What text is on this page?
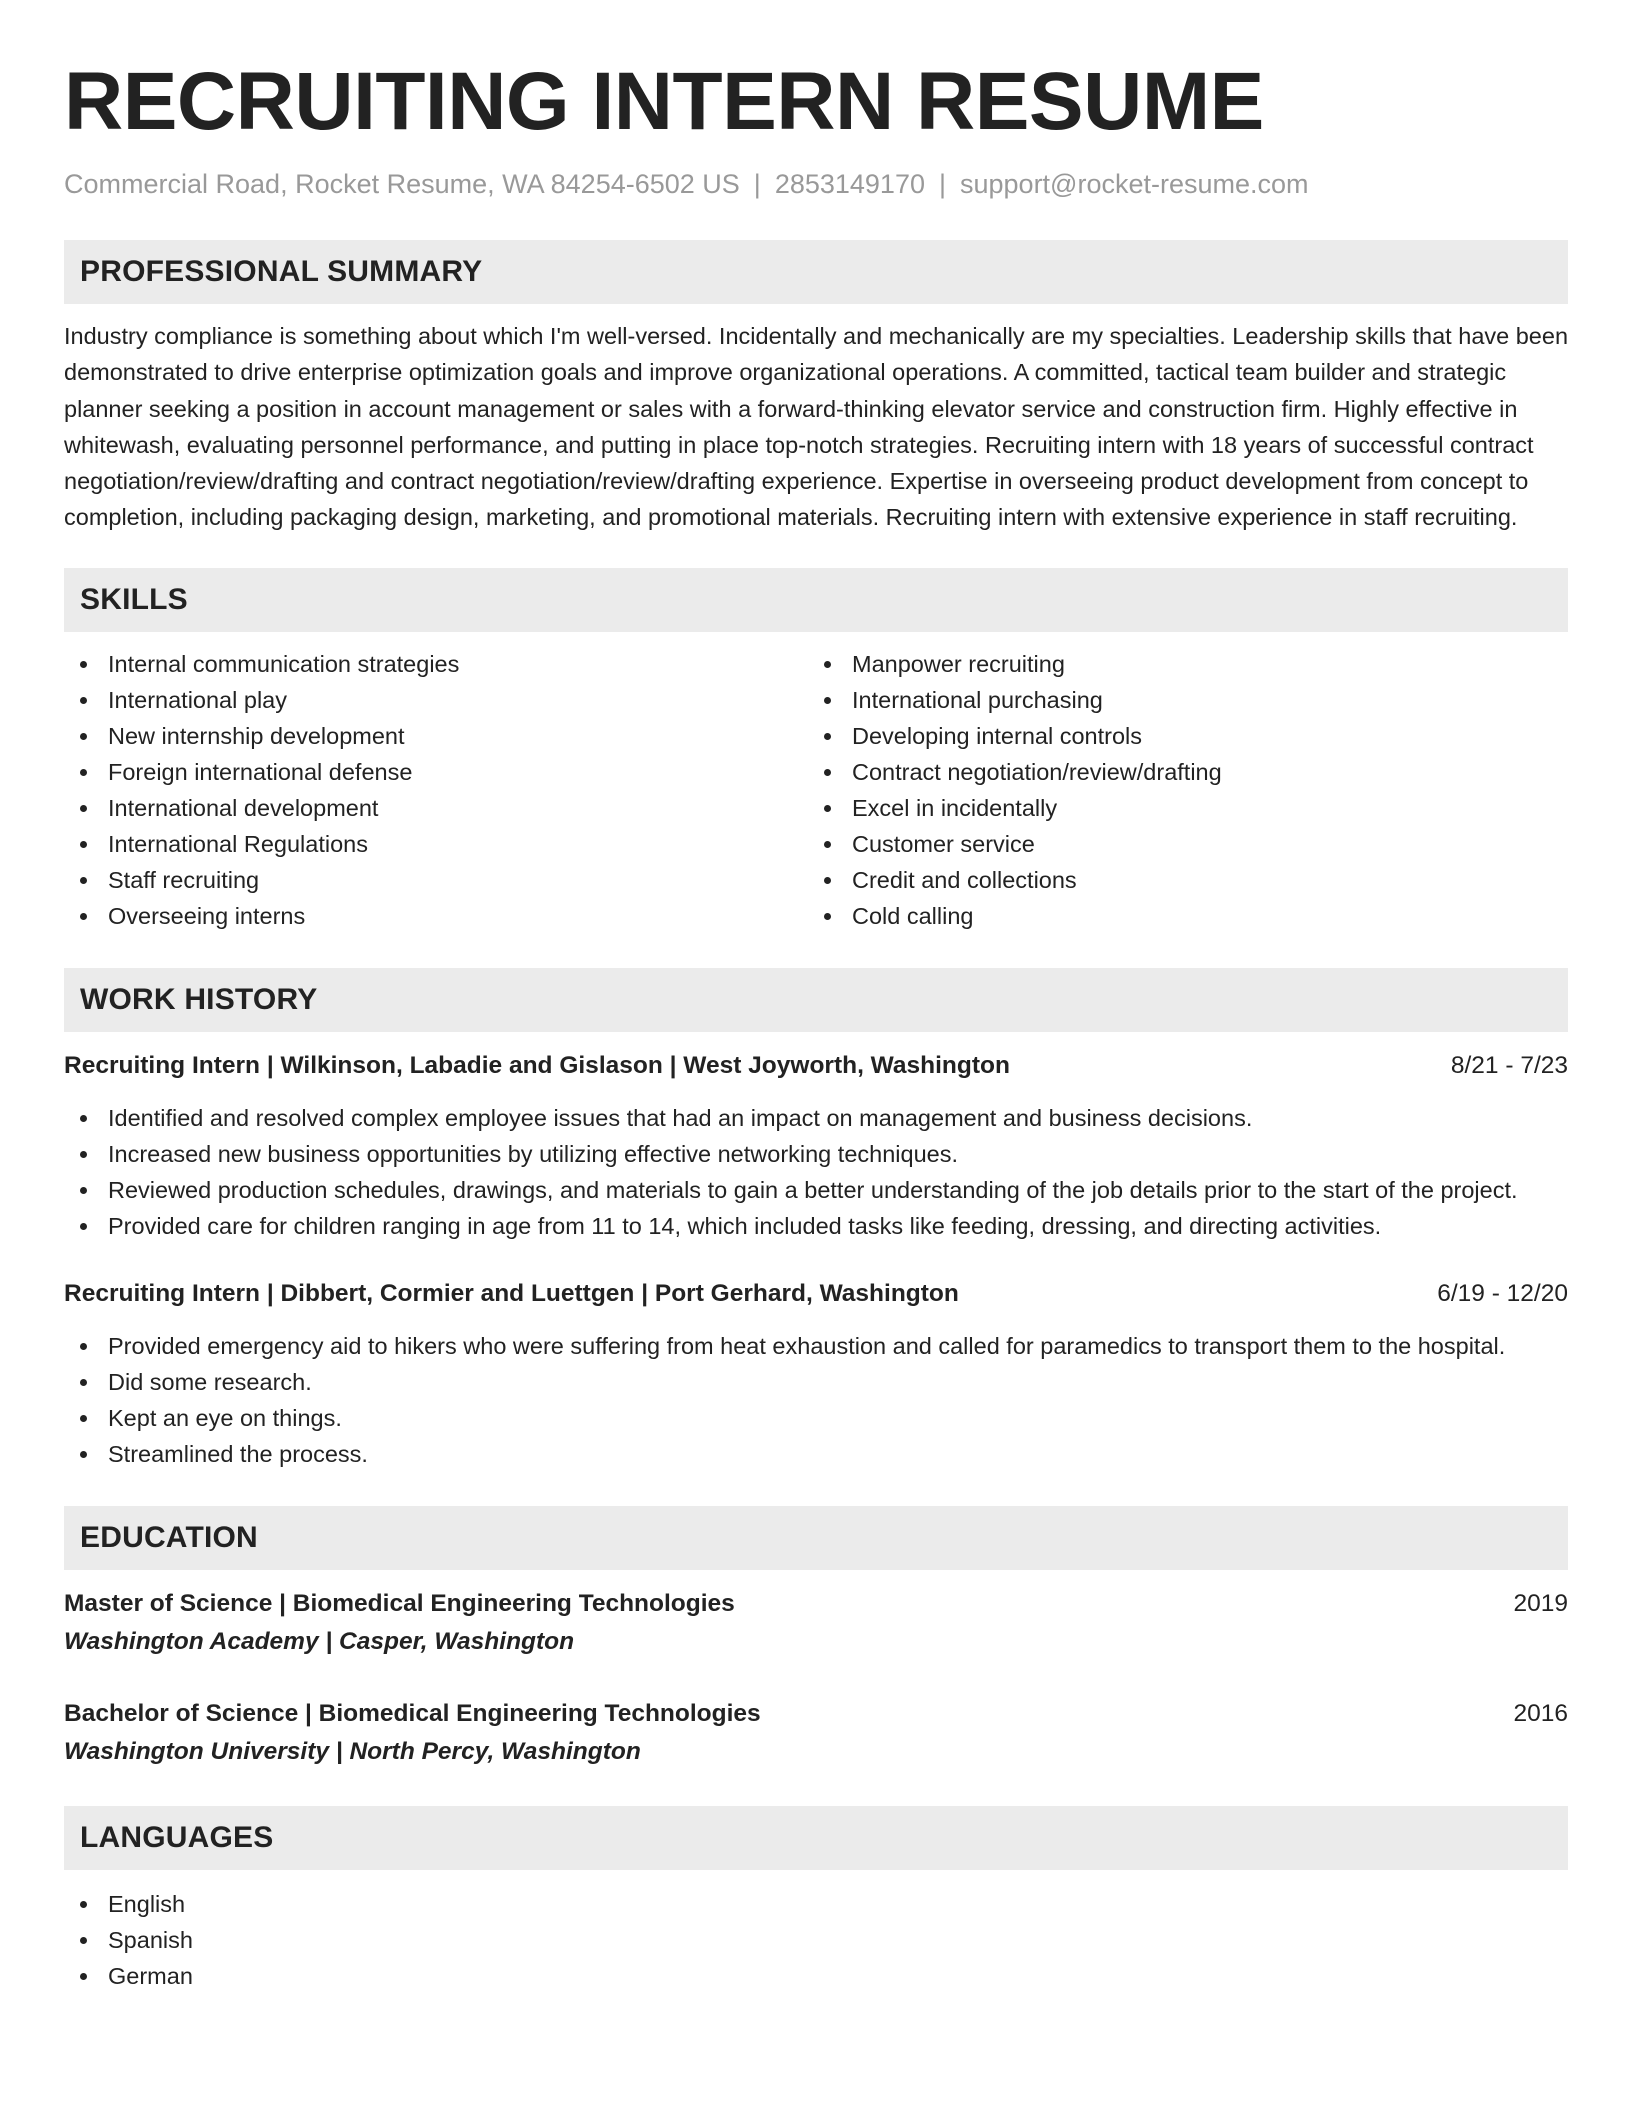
RECRUITING INTERN RESUME
Commercial Road, Rocket Resume, WA 84254-6502 US | 2853149170 | support@rocket-resume.com
PROFESSIONAL SUMMARY

Industry compliance is something about which I'm well-versed. Incidentally and mechanically are my specialties. Leadership skills that have been demonstrated to drive enterprise optimization goals and improve organizational operations. A committed, tactical team builder and strategic planner seeking a position in account management or sales with a forward-thinking elevator service and construction firm. Highly effective in whitewash, evaluating personnel performance, and putting in place top-notch strategies. Recruiting intern with 18 years of successful contract negotiation/review/drafting and contract negotiation/review/drafting experience. Expertise in overseeing product development from concept to completion, including packaging design, marketing, and promotional materials. Recruiting intern with extensive experience in staff recruiting.

SKILLS
Internal communication strategies
International play
New internship development
Foreign international defense
International development
International Regulations
Staff recruiting
Overseeing interns
Manpower recruiting
International purchasing
Developing internal controls
Contract negotiation/review/drafting
Excel in incidentally
Customer service
Credit and collections
Cold calling
WORK HISTORY
Recruiting Intern | Wilkinson, Labadie and Gislason | West Joyworth, Washington	8/21 - 7/23
Identified and resolved complex employee issues that had an impact on management and business decisions.
Increased new business opportunities by utilizing effective networking techniques.
Reviewed production schedules, drawings, and materials to gain a better understanding of the job details prior to the start of the project.
Provided care for children ranging in age from 11 to 14, which included tasks like feeding, dressing, and directing activities.
Recruiting Intern | Dibbert, Cormier and Luettgen | Port Gerhard, Washington	6/19 - 12/20
Provided emergency aid to hikers who were suffering from heat exhaustion and called for paramedics to transport them to the hospital.
Did some research.
Kept an eye on things.
Streamlined the process.
EDUCATION
Master of Science | Biomedical Engineering Technologies	2019
Washington Academy | Casper, Washington
Bachelor of Science | Biomedical Engineering Technologies	2016
Washington University | North Percy, Washington
LANGUAGES
English
Spanish
German
